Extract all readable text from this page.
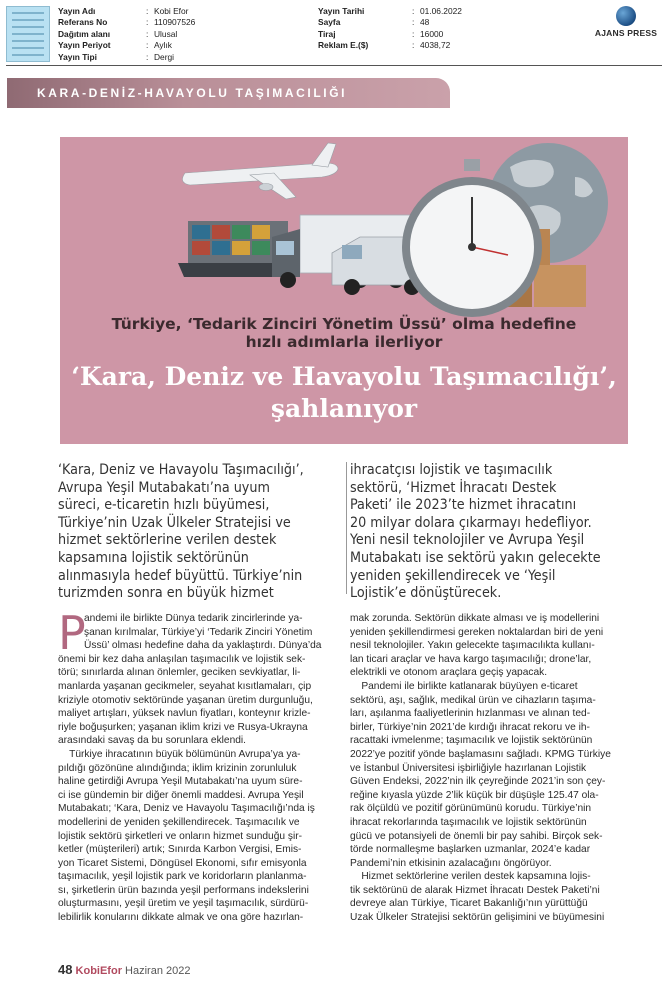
Yayın Adı	: Kobi Efor
Referans No	: 110907526
Dağıtım alanı	: Ulusal
Yayın Periyot	: Aylık
Yayın Tipi	: Dergi
Yayın Tarihi	: 01.06.2022
Sayfa	: 48
Tiraj	: 16000
Reklam E.($)	: 4038,72
AJANS PRESS
KARA-DENİZ-HAVAYOLU TAŞIMACILIĞI
Türkiye, ‘Tedarik Zinciri Yönetim Üssü’ olma hedefine
hızlı adımlarla ilerliyor
‘Kara, Deniz ve Havayolu Taşımacılığı’,
şahlanıyor

‘Kara, Deniz ve Havayolu Taşımacılığı’,

Avrupa Yeşil Mutabakatı’na uyum

süreci, e-ticaretin hızlı büyümesi,

Türkiye’nin Uzak Ülkeler Stratejisi ve

hizmet sektörlerine verilen destek

kapsamına lojistik sektörünün

alınmasıyla hedef büyüttü. Türkiye’nin

turizmden sonra en büyük hizmet

ihracatçısı lojistik ve taşımacılık

sektörü, ‘Hizmet İhracatı Destek

Paketi’ ile 2023’te hizmet ihracatını

20 milyar dolara çıkarmayı hedefliyor.

Yeni nesil teknolojiler ve Avrupa Yeşil

Mutabakatı ise sektörü yakın gelecekte

yeniden şekillendirecek ve ‘Yeşil

Lojistik’e dönüştürecek.

P

andemi ile birlikte Dünya tedarik zincirlerinde ya-

şanan kırılmalar, Türkiye’yi ‘Tedarik Zinciri Yönetim

Üssü’ olması hedefine daha da yaklaştırdı. Dünya’da

önemi bir kez daha anlaşılan taşımacılık ve lojistik sek-

törü; sınırlarda alınan önlemler, geciken sevkiyatlar, li-

manlarda yaşanan gecikmeler, seyahat kısıtlamaları, çip

kriziyle otomotiv sektöründe yaşanan üretim durgunluğu,

maliyet artışları, yüksek navlun fiyatları, konteynır krizle-

riyle boğuşurken; yaşanan iklim krizi ve Rusya-Ukrayna

arasındaki savaş da bu sorunlara eklendi.

Türkiye ihracatının büyük bölümünün Avrupa’ya ya-

pıldığı gözönüne alındığında; iklim krizinin zorunluluk

haline getirdiği Avrupa Yeşil Mutabakatı’na uyum süre-

ci ise gündemin bir diğer önemli maddesi. Avrupa Yeşil

Mutabakatı; ‘Kara, Deniz ve Havayolu Taşımacılığı’nda iş

modellerini de yeniden şekillendirecek. Taşımacılık ve

lojistik sektörü şirketleri ve onların hizmet sunduğu şir-

ketler (müşterileri) artık; Sınırda Karbon Vergisi, Emis-

yon Ticaret Sistemi, Döngüsel Ekonomi, sıfır emisyonla

taşımacılık, yeşil lojistik park ve koridorların planlanma-

sı, şirketlerin ürün bazında yeşil performans indekslerini

oluşturmasını, yeşil üretim ve yeşil taşımacılık, sürdürü-

lebilirlik konularını dikkate almak ve ona göre hazırlan-

mak zorunda. Sektörün dikkate alması ve iş modellerini

yeniden şekillendirmesi gereken noktalardan biri de yeni

nesil teknolojiler. Yakın gelecekte taşımacılıkta kullanı-

lan ticari araçlar ve hava kargo taşımacılığı; drone’lar,

elektrikli ve otonom araçlara geçiş yapacak.

Pandemi ile birlikte katlanarak büyüyen e-ticaret

sektörü, aşı, sağlık, medikal ürün ve cihazların taşıma-

ları, aşılanma faaliyetlerinin hızlanması ve alınan ted-

birler, Türkiye’nin 2021’de kırdığı ihracat rekoru ve ih-

racattaki ivmelenme; taşımacılık ve lojistik sektörünün

2022’ye pozitif yönde başlamasını sağladı. KPMG Türkiye

ve İstanbul Üniversitesi işbirliğiyle hazırlanan Lojistik

Güven Endeksi, 2022’nin ilk çeyreğinde 2021’in son çey-

reğine kıyasla yüzde 2’lik küçük bir düşüşle 125.47 ola-

rak ölçüldü ve pozitif görünümünü korudu. Türkiye’nin

ihracat rekorlarında taşımacılık ve lojistik sektörünün

gücü ve potansiyeli de önemli bir pay sahibi. Birçok sek-

törde normalleşme başlarken uzmanlar, 2024’e kadar

Pandemi’nin etkisinin azalacağını öngörüyor.

Hizmet sektörlerine verilen destek kapsamına lojis-

tik sektörünü de alarak Hizmet İhracatı Destek Paketi’ni

devreye alan Türkiye, Ticaret Bakanlığı’nın yürüttüğü

Uzak Ülkeler Stratejisi sektörün gelişimini ve büyümesini

48 KobiEfor Haziran 2022
